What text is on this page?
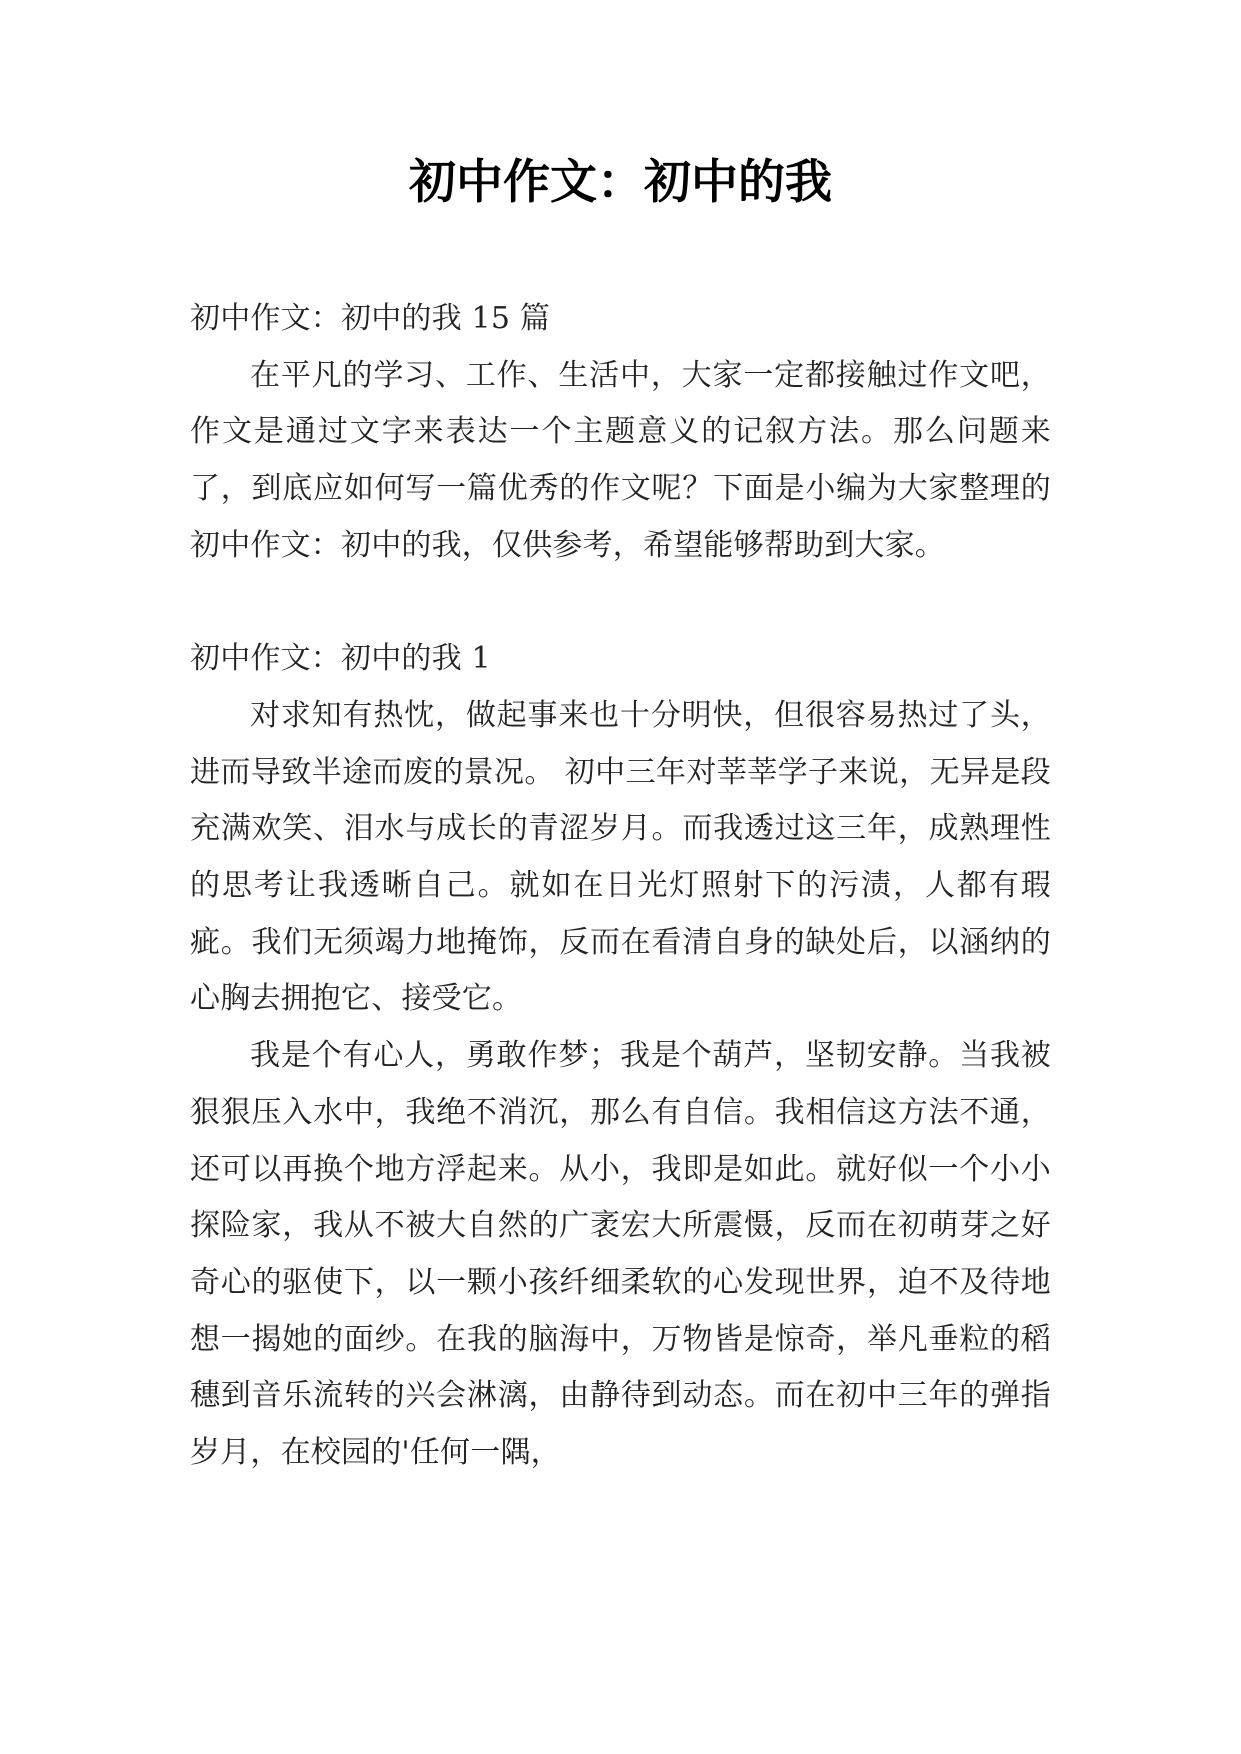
初中作文：初中的我

初中作文：初中的我 15 篇

在平凡的学习、工作、生活中，大家一定都接触过作文吧，作文是通过文字来表达一个主题意义的记叙方法。那么问题来了，到底应如何写一篇优秀的作文呢？下面是小编为大家整理的初中作文：初中的我，仅供参考，希望能够帮助到大家。

初中作文：初中的我 1

对求知有热忱，做起事来也十分明快，但很容易热过了头，进而导致半途而废的景况。 初中三年对莘莘学子来说，无异是段充满欢笑、泪水与成长的青涩岁月。而我透过这三年，成熟理性的思考让我透晰自己。就如在日光灯照射下的污渍，人都有瑕疵。我们无须竭力地掩饰，反而在看清自身的缺处后，以涵纳的心胸去拥抱它、接受它。

我是个有心人，勇敢作梦；我是个葫芦，坚韧安静。当我被狠狠压入水中，我绝不消沉，那么有自信。我相信这方法不通，还可以再换个地方浮起来。从小，我即是如此。就好似一个小小探险家，我从不被大自然的广袤宏大所震慑，反而在初萌芽之好奇心的驱使下，以一颗小孩纤细柔软的心发现世界，迫不及待地想一揭她的面纱。在我的脑海中，万物皆是惊奇，举凡垂粒的稻穗到音乐流转的兴会淋漓，由静待到动态。而在初中三年的弹指岁月，在校园的'任何一隅，
